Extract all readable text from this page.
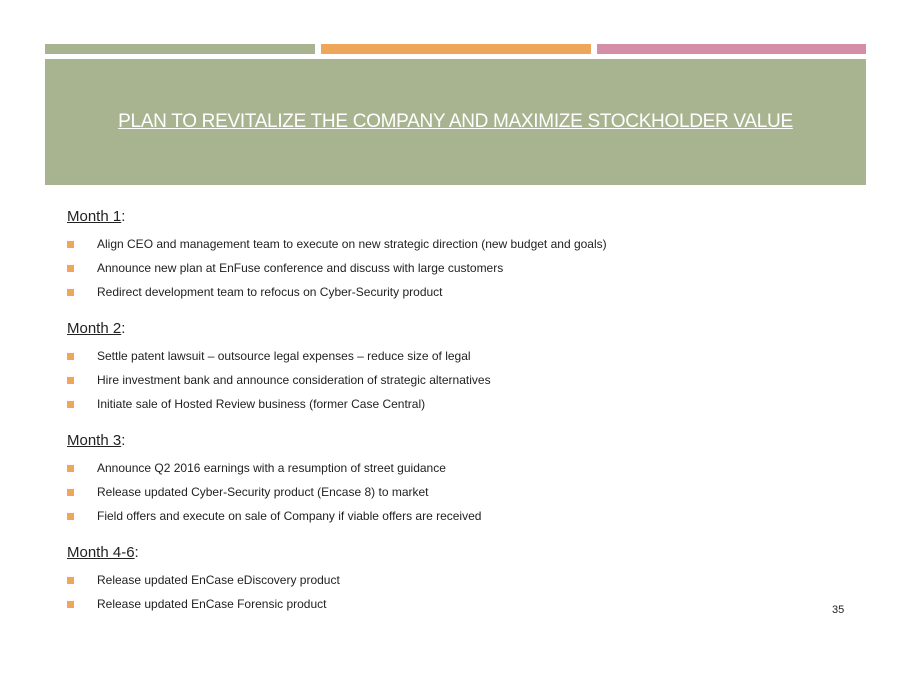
PLAN TO REVITALIZE THE COMPANY AND MAXIMIZE STOCKHOLDER VALUE
Month 1:
Align CEO and management team to execute on new strategic direction (new budget and goals)
Announce new plan at EnFuse conference and discuss with large customers
Redirect development team to refocus on Cyber-Security product
Month 2:
Settle patent lawsuit – outsource legal expenses – reduce size of legal
Hire investment bank and announce consideration of strategic alternatives
Initiate sale of Hosted Review business (former Case Central)
Month 3:
Announce Q2 2016 earnings with a resumption of street guidance
Release updated Cyber-Security product (Encase 8) to market
Field offers and execute on sale of Company if viable offers are received
Month 4-6:
Release updated EnCase eDiscovery product
Release updated EnCase Forensic product	35
